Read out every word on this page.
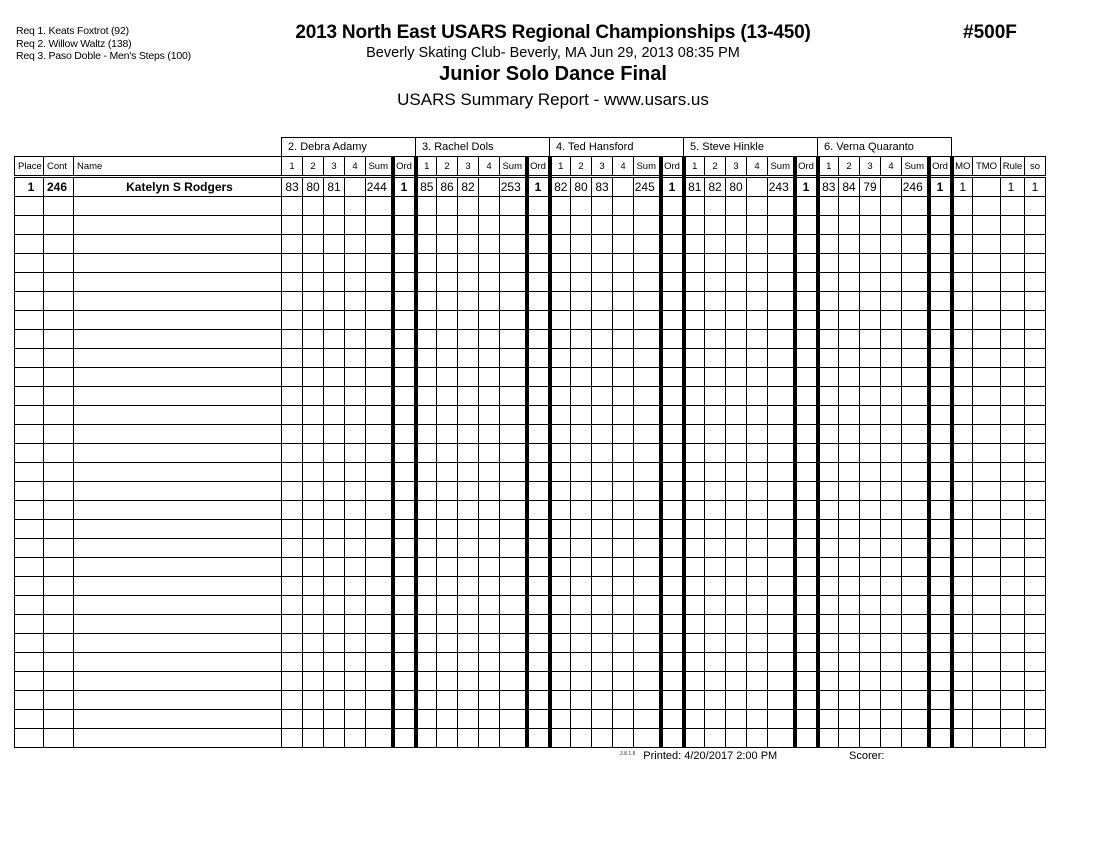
Req 1. Keats Foxtrot (92)
Req 2. Willow Waltz (138)
Req 3. Paso Doble - Men's Steps (100)
2013 North East USARS Regional Championships (13-450)
Beverly Skating Club- Beverly, MA Jun 29, 2013 08:35 PM
Junior Solo Dance Final
USARS Summary Report - www.usars.us
#500F
			2. Debra Adamy						3. Rachel Dols						4. Ted Hansford						5. Steve Hinkle						6. Verna Quaranto									
Place	Cont	Name	1	2	3	4	Sum	Ord	1	2	3	4	Sum	Ord	1	2	3	4	Sum	Ord	1	2	3	4	Sum	Ord	1	2	3	4	Sum	Ord	MO	TMO	Rule	so
1	246	Katelyn S Rodgers	83	80	81		244	1	85	86	82		253	1	82	80	83		245	1	81	82	80		243	1	83	84	79		246	1	1		1	1

$^{3.8.1.8}$ Printed: 4/20/2017 2:00 PM	Scorer:
